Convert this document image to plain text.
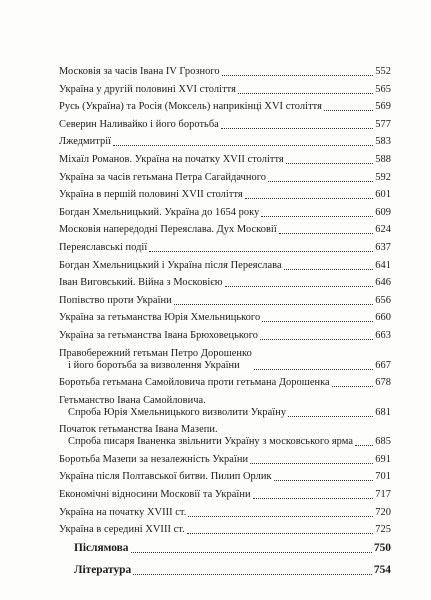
Московія за часів Івана IV Грозного	552
Україна у другій половині XVI століття	565
Русь (Україна) та Росія (Моксель) наприкінці XVI століття	569
Северин Наливайко і його боротьба	577
Лжедмитрії	583
Міхаїл Романов. Україна на початку XVII століття	588
Україна за часів гетьмана Петра Сагайдачного	592
Україна в першій половині XVII століття	601
Богдан Хмельницький. Україна до 1654 року	609
Московія напередодні Переяслава. Дух Московії	624
Переяславські події	637
Богдан Хмельницький і Україна після Переяслава	641
Іван Виговський. Війна з Московією	646
Попівство проти України	656
Україна за гетьманства Юрія Хмельницького	660
Україна за гетьманства Івана Брюховецького	663
Правобережний гетьман Петро Дорошенко
і його боротьба за визволення України	667
Боротьба гетьмана Самойловича проти гетьмана Дорошенка	678
Гетьманство Івана Самойловича.
Спроба Юрія Хмельницького визволити Україну	681
Початок гетьманства Івана Мазепи.
Спроба писаря Іваненка звільнити Україну з московського ярма 685
Боротьба Мазепи за незалежність України	691
Україна після Полтавської битви. Пилип Орлик	701
Економічні відносини Московії та України	717
Україна на початку XVIII ст.	720
Україна в середині XVIII ст.	725
Післямова	750
Література	754
